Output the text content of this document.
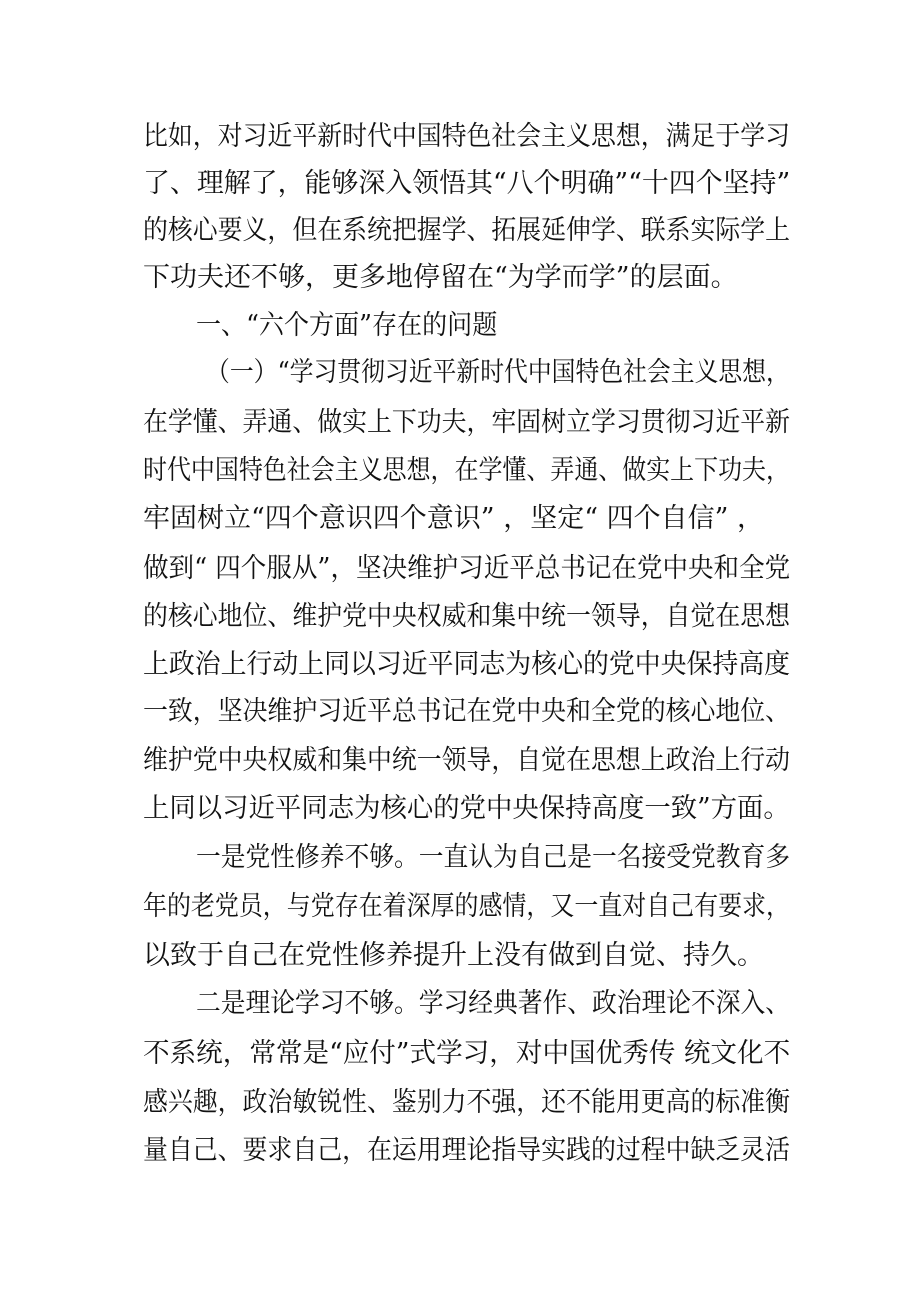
比如，对习近平新时代中国特色社会主义思想，满足于学习
了、理解了，能够深入领悟其“八个明确”“十四个坚持”
的核心要义，但在系统把握学、拓展延伸学、联系实际学上
下功夫还不够，更多地停留在“为学而学”的层面。
一、“六个方面”存在的问题
（一）“学习贯彻习近平新时代中国特色社会主义思想，
在学懂、弄通、做实上下功夫，牢固树立学习贯彻习近平新
时代中国特色社会主义思想，在学懂、弄通、做实上下功夫，
牢固树立“四个意识四个意识” ，坚定“ 四个自信” ，
做到“ 四个服从”，坚决维护习近平总书记在党中央和全党
的核心地位、维护党中央权威和集中统一领导，自觉在思想
上政治上行动上同以习近平同志为核心的党中央保持高度
一致，坚决维护习近平总书记在党中央和全党的核心地位、
维护党中央权威和集中统一领导，自觉在思想上政治上行动
上同以习近平同志为核心的党中央保持高度一致”方面。
一是党性修养不够。一直认为自己是一名接受党教育多
年的老党员，与党存在着深厚的感情，又一直对自己有要求，
以致于自己在党性修养提升上没有做到自觉、持久。
二是理论学习不够。学习经典著作、政治理论不深入、
不系统，常常是“应付”式学习，对中国优秀传 统文化不
感兴趣，政治敏锐性、鉴别力不强，还不能用更高的标准衡
量自己、要求自己，在运用理论指导实践的过程中缺乏灵活
